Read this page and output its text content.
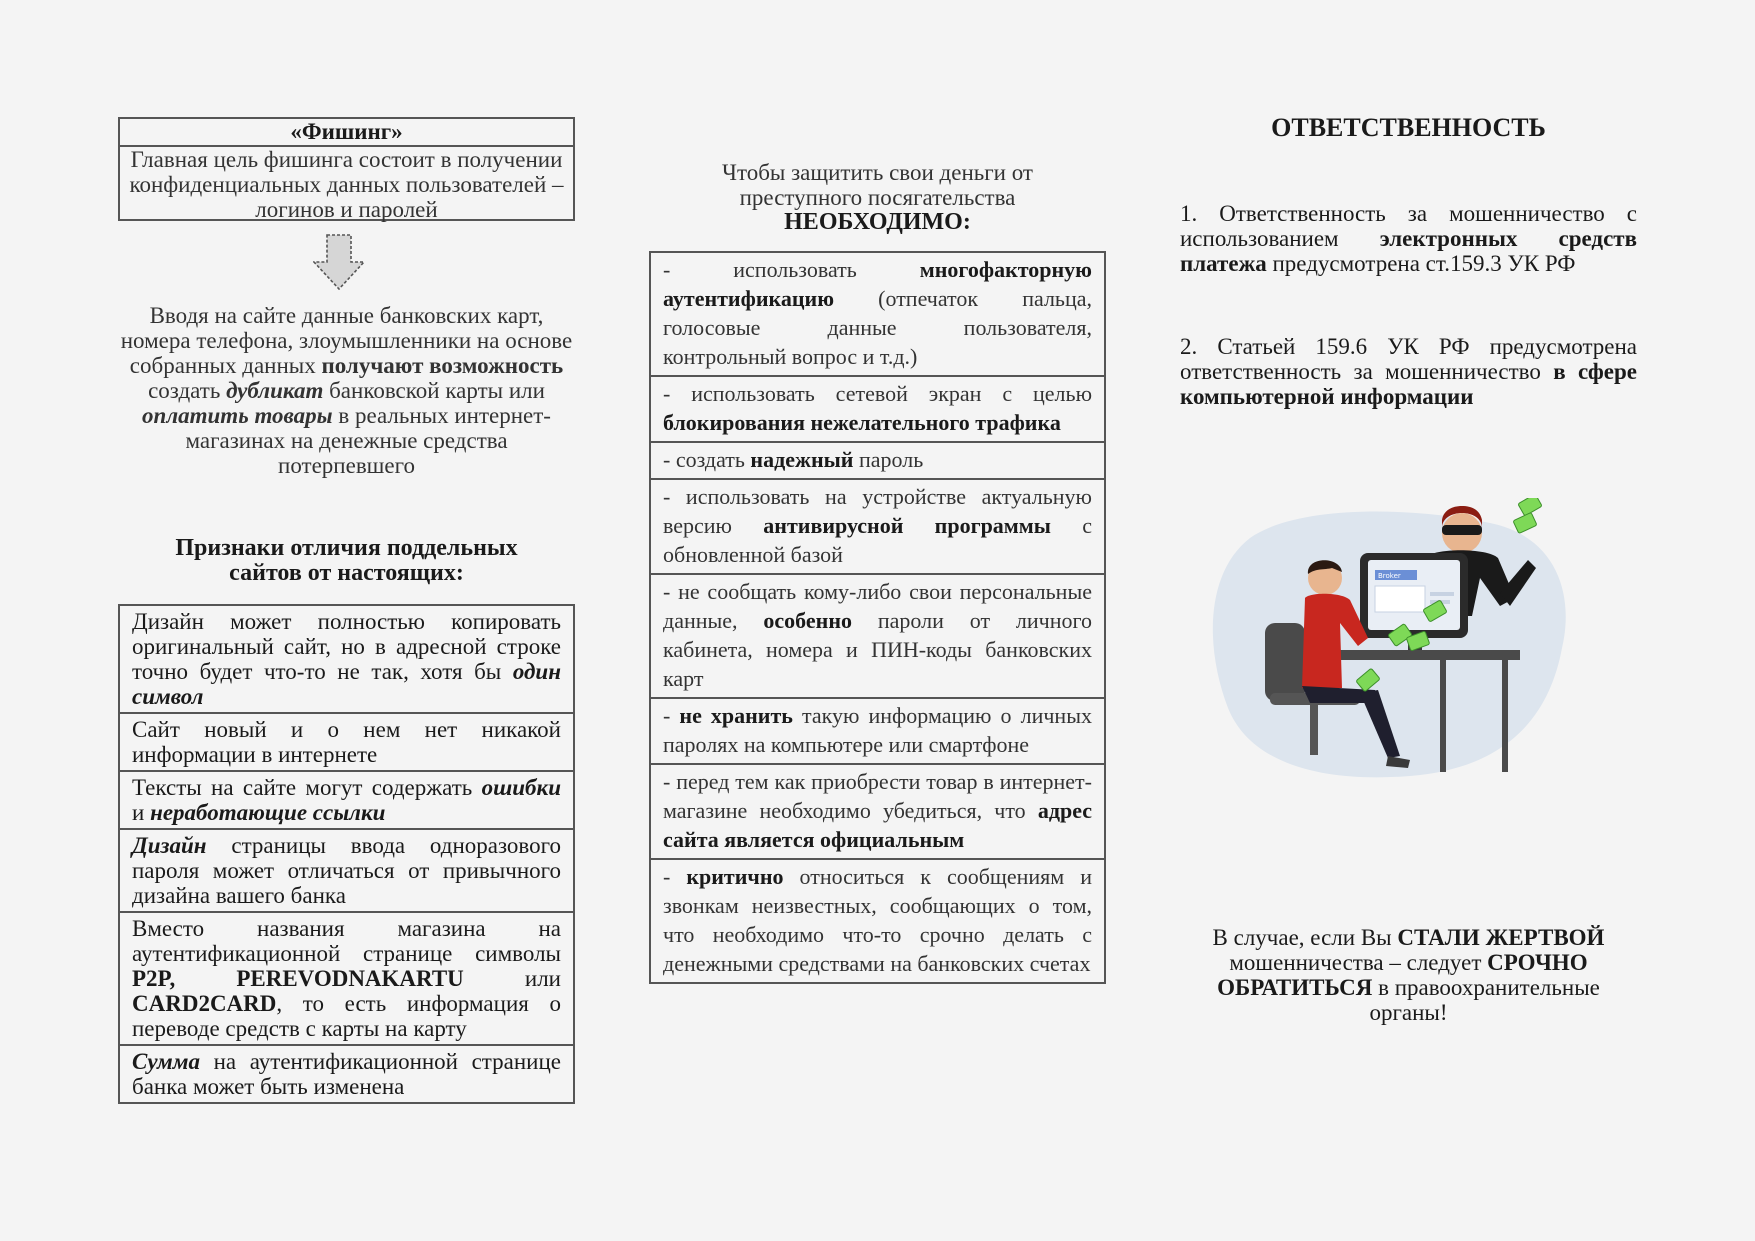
«Фишинг»
Главная цель фишинга состоит в получении конфиденциальных данных пользователей – логинов и паролей
Вводя на сайте данные банковских карт, номера телефона, злоумышленники на основе собранных данных получают возможность создать дубликат банковской карты или оплатить товары в реальных интернет-магазинах на денежные средства потерпевшего
Признаки отличия поддельных
сайтов от настоящих:
Дизайн может полностью копировать оригинальный сайт, но в адресной строке точно будет что-то не так, хотя бы один символ
Сайт новый и о нем нет никакой информации в интернете
Тексты на сайте могут содержать ошибки и неработающие ссылки
Дизайн страницы ввода одноразового пароля может отличаться от привычного дизайна вашего банка
Вместо названия магазина на аутентификационной странице символы P2P, PEREVODNAKARTU или CARD2CARD, то есть информация о переводе средств с карты на карту
Сумма на аутентификационной странице банка может быть изменена
Чтобы защитить свои деньги от
преступного посягательства
НЕОБХОДИМО:
- использовать многофакторную аутентификацию (отпечаток пальца, голосовые данные пользователя, контрольный вопрос и т.д.)
- использовать сетевой экран с целью блокирования нежелательного трафика
- создать надежный пароль
- использовать на устройстве актуальную версию антивирусной программы с обновленной базой
- не сообщать кому-либо свои персональные данные, особенно пароли от личного кабинета, номера и ПИН-коды банковских карт
- не хранить такую информацию о личных паролях на компьютере или смартфоне
- перед тем как приобрести товар в интернет-магазине необходимо убедиться, что адрес сайта является официальным
- критично относиться к сообщениям и звонкам неизвестных, сообщающих о том, что необходимо что-то срочно делать с денежными средствами на банковских счетах
ОТВЕТСТВЕННОСТЬ
1. Ответственность за мошенничество с использованием электронных средств платежа предусмотрена ст.159.3 УК РФ
2. Статьей 159.6 УК РФ предусмотрена ответственность за мошенничество в сфере компьютерной информации
Broker
В случае, если Вы СТАЛИ ЖЕРТВОЙ мошенничества – следует СРОЧНО ОБРАТИТЬСЯ в правоохранительные органы!
